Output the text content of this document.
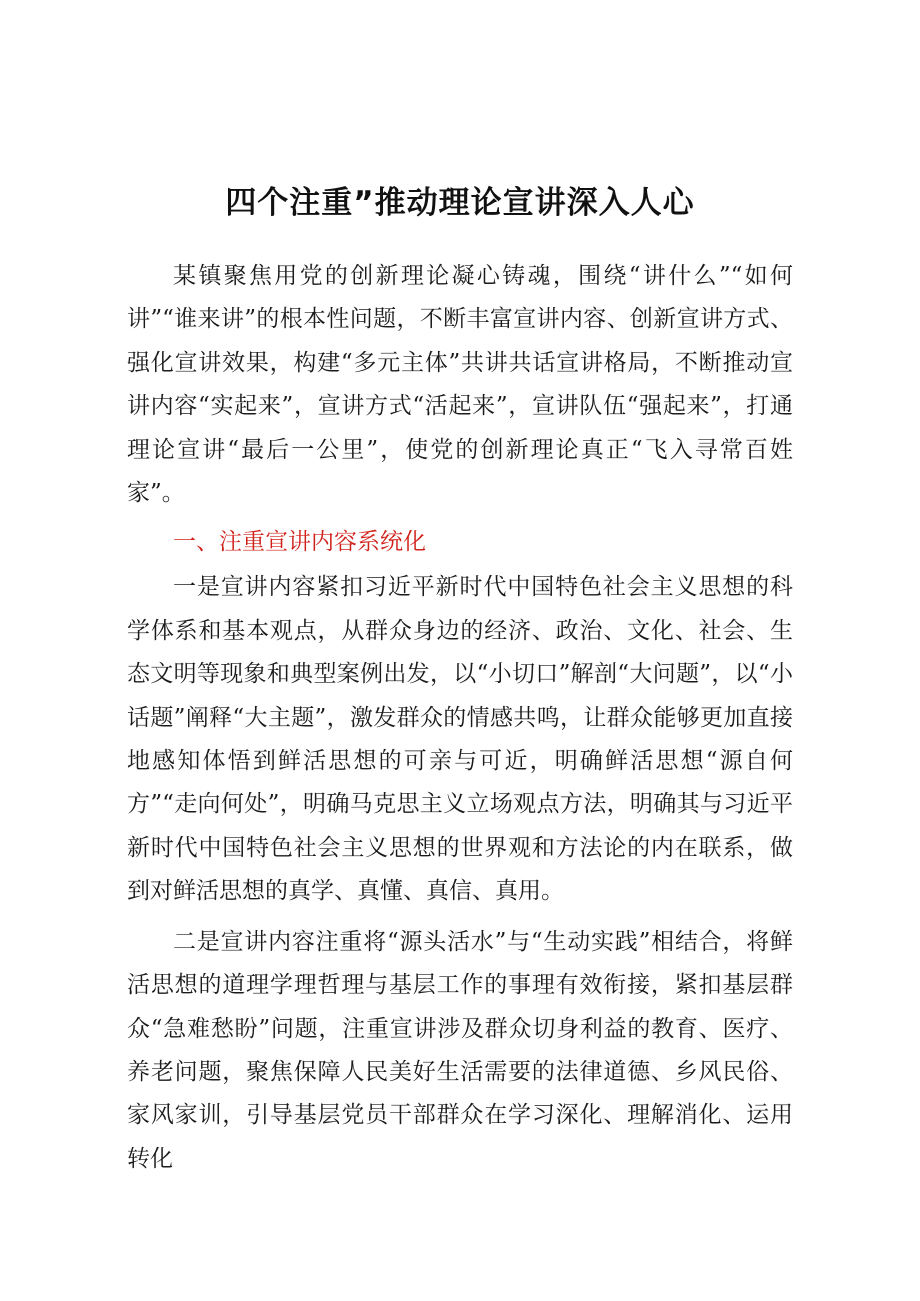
四个注重”推动理论宣讲深入人心

某镇聚焦用党的创新理论凝心铸魂，围绕“讲什么”“如何讲”“谁来讲”的根本性问题，不断丰富宣讲内容、创新宣讲方式、强化宣讲效果，构建“多元主体”共讲共话宣讲格局，不断推动宣讲内容“实起来”，宣讲方式“活起来”，宣讲队伍“强起来”，打通理论宣讲“最后一公里”，使党的创新理论真正“飞入寻常百姓家”。

一、注重宣讲内容系统化

一是宣讲内容紧扣习近平新时代中国特色社会主义思想的科学体系和基本观点，从群众身边的经济、政治、文化、社会、生态文明等现象和典型案例出发，以“小切口”解剖“大问题”，以“小话题”阐释“大主题”，激发群众的情感共鸣，让群众能够更加直接地感知体悟到鲜活思想的可亲与可近，明确鲜活思想“源自何方”“走向何处”，明确马克思主义立场观点方法，明确其与习近平新时代中国特色社会主义思想的世界观和方法论的内在联系，做到对鲜活思想的真学、真懂、真信、真用。

二是宣讲内容注重将“源头活水”与“生动实践”相结合，将鲜活思想的道理学理哲理与基层工作的事理有效衔接，紧扣基层群众“急难愁盼”问题，注重宣讲涉及群众切身利益的教育、医疗、养老问题，聚焦保障人民美好生活需要的法律道德、乡风民俗、家风家训，引导基层党员干部群众在学习深化、理解消化、运用转化
